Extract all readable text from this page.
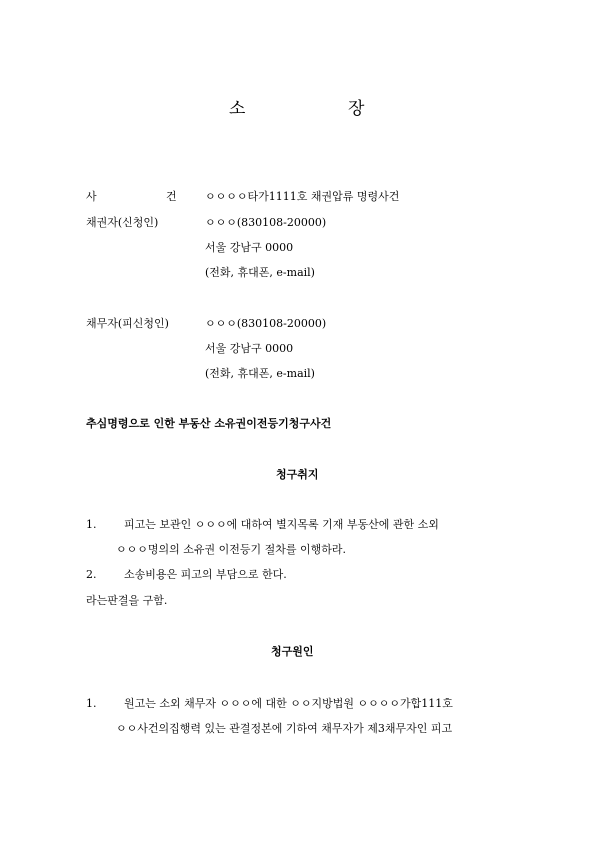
소	장
사	건	ㅇㅇㅇㅇ타가1111호 채권압류 명령사건
채권자(신청인)	ㅇㅇㅇ(830108-20000)
서울 강남구 0000
(전화, 휴대폰, e-mail)
채무자(피신청인)	ㅇㅇㅇ(830108-20000)
서울 강남구 0000
(전화, 휴대폰, e-mail)
추심명령으로 인한 부동산 소유권이전등기청구사건
청구취지
1.	피고는 보관인 ㅇㅇㅇ에 대하여 별지목록 기재 부동산에 관한 소외
ㅇㅇㅇ명의의 소유권 이전등기 절차를 이행하라.
2.	소송비용은 피고의 부담으로 한다.
라는판결을 구함.
청구원인
1.	원고는 소외 채무자 ㅇㅇㅇ에 대한 ㅇㅇ지방법원 ㅇㅇㅇㅇ가합111호
ㅇㅇ사건의집행력 있는 관결정본에 기하여 채무자가 제3채무자인 피고
